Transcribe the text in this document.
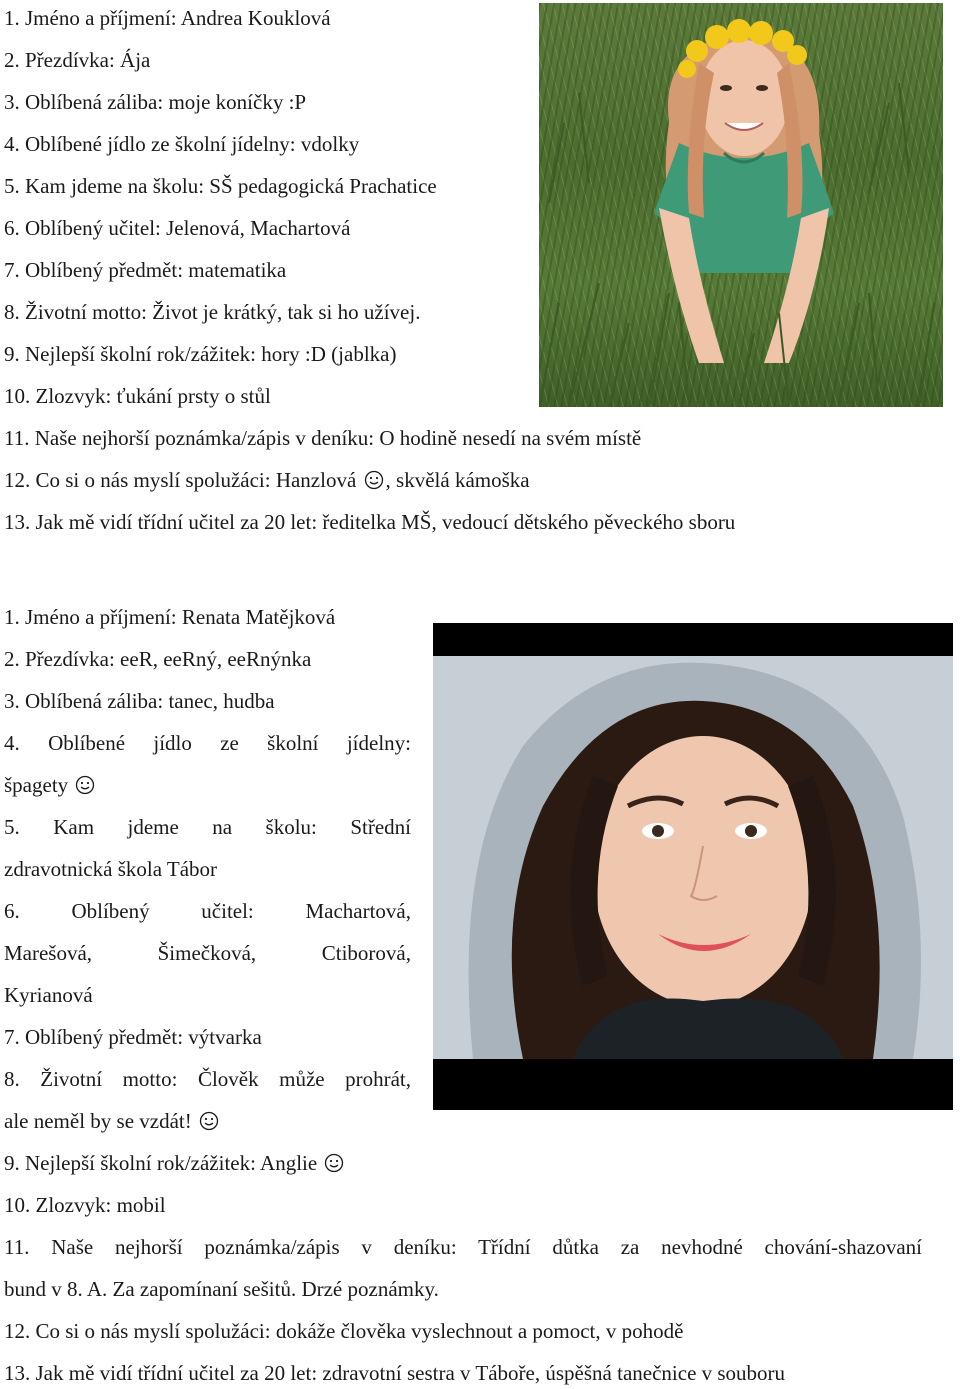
1. Jméno a příjmení: Andrea Kouklová

2. Přezdívka: Ája

3. Oblíbená záliba: moje koníčky :P

4. Oblíbené jídlo ze školní jídelny: vdolky

5. Kam jdeme na školu: SŠ pedagogická Prachatice

6. Oblíbený učitel: Jelenová, Machartová

7. Oblíbený předmět: matematika

8. Životní motto: Život je krátký, tak si ho užívej.

9. Nejlepší školní rok/zážitek: hory :D (jablka)

10. Zlozvyk: ťukání prsty o stůl

11. Naše nejhorší poznámka/zápis v deníku: O hodině nesedí na svém místě

12. Co si o nás myslí spolužáci: Hanzlová , skvělá kámoška

13. Jak mě vidí třídní učitel za 20 let: ředitelka MŠ, vedoucí dětského pěveckého sboru

1. Jméno a příjmení: Renata Matějková

2. Přezdívka: eeR, eeRný, eeRnýnka

3. Oblíbená záliba: tanec, hudba

4. Oblíbené jídlo ze školní jídelny:

špagety

5. Kam jdeme na školu: Střední

zdravotnická škola Tábor

6. Oblíbený učitel: Machartová,

Marešová, Šimečková, Ctiborová,

Kyrianová

7. Oblíbený předmět: výtvarka

8. Životní motto: Člověk může prohrát,

ale neměl by se vzdát!

9. Nejlepší školní rok/zážitek: Anglie

10. Zlozvyk: mobil

11. Naše nejhorší poznámka/zápis v deníku: Třídní důtka za nevhodné chování-shazovaní

bund v 8. A. Za zapomínaní sešitů. Drzé poznámky.

12. Co si o nás myslí spolužáci: dokáže člověka vyslechnout a pomoct, v pohodě

13. Jak mě vidí třídní učitel za 20 let: zdravotní sestra v Táboře, úspěšná tanečnice v souboru
